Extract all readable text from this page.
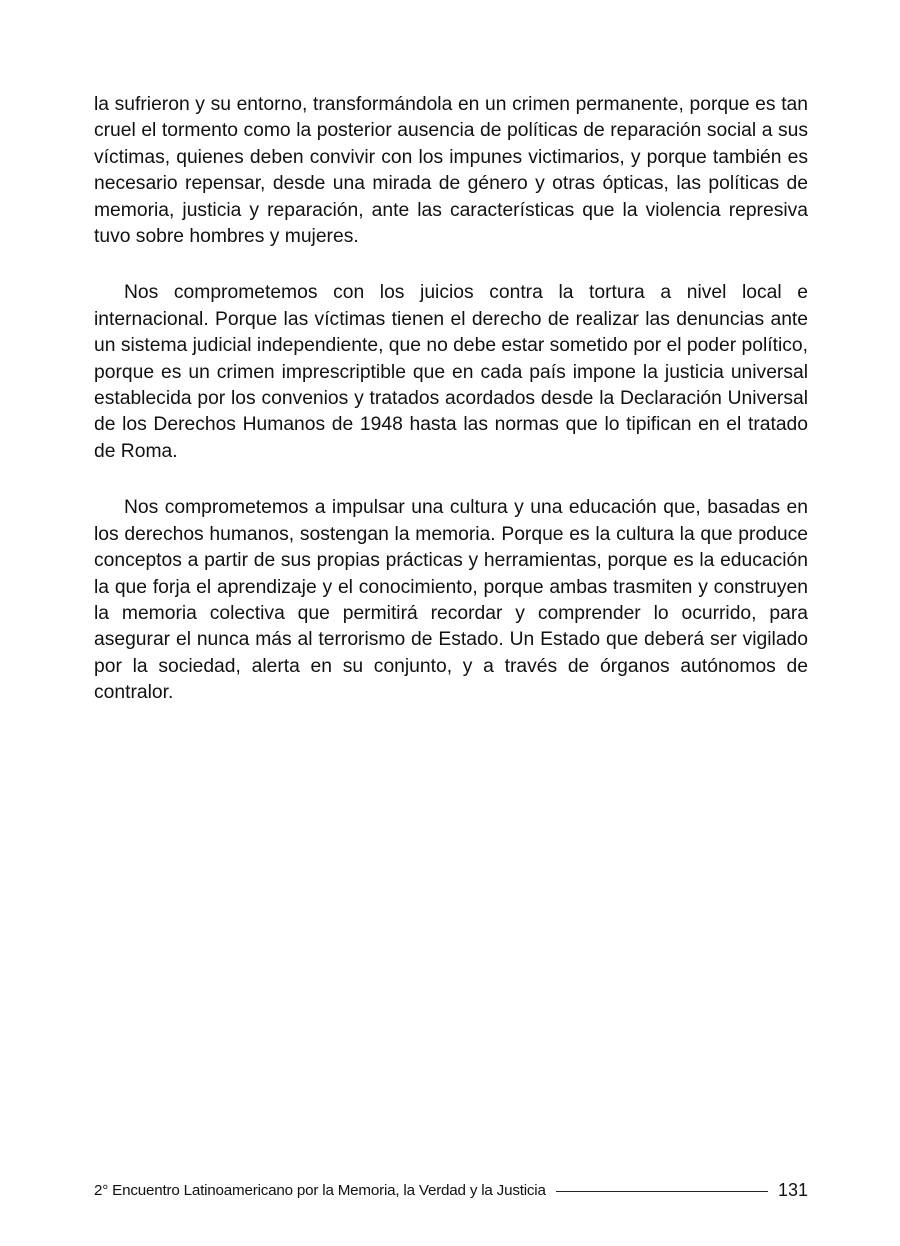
la sufrieron y su entorno, transformándola en un crimen permanente, porque es tan cruel el tormento como la posterior ausencia de políticas de reparación social a sus víctimas, quienes deben convivir con los impunes victimarios, y porque también es necesario repensar, desde una mirada de género y otras ópticas, las políticas de memoria, justicia y reparación, ante las características que la violencia represiva tuvo sobre hombres y mujeres.

Nos comprometemos con los juicios contra la tortura a nivel local e internacional. Porque las víctimas tienen el derecho de realizar las denuncias ante un sistema judicial independiente, que no debe estar sometido por el poder político, porque es un crimen imprescriptible que en cada país impone la justicia universal establecida por los convenios y tratados acordados desde la Declaración Universal de los Derechos Humanos de 1948 hasta las normas que lo tipifican en el tratado de Roma.

Nos comprometemos a impulsar una cultura y una educación que, basadas en los derechos humanos, sostengan la memoria. Porque es la cultura la que produce conceptos a partir de sus propias prácticas y herramientas, porque es la educación la que forja el aprendizaje y el conocimiento, porque ambas trasmiten y construyen la memoria colectiva que permitirá recordar y comprender lo ocurrido, para asegurar el nunca más al terrorismo de Estado. Un Estado que deberá ser vigilado por la sociedad, alerta en su conjunto, y a través de órganos autónomos de contralor.

2° Encuentro Latinoamericano por la Memoria, la Verdad y la Justicia	131
